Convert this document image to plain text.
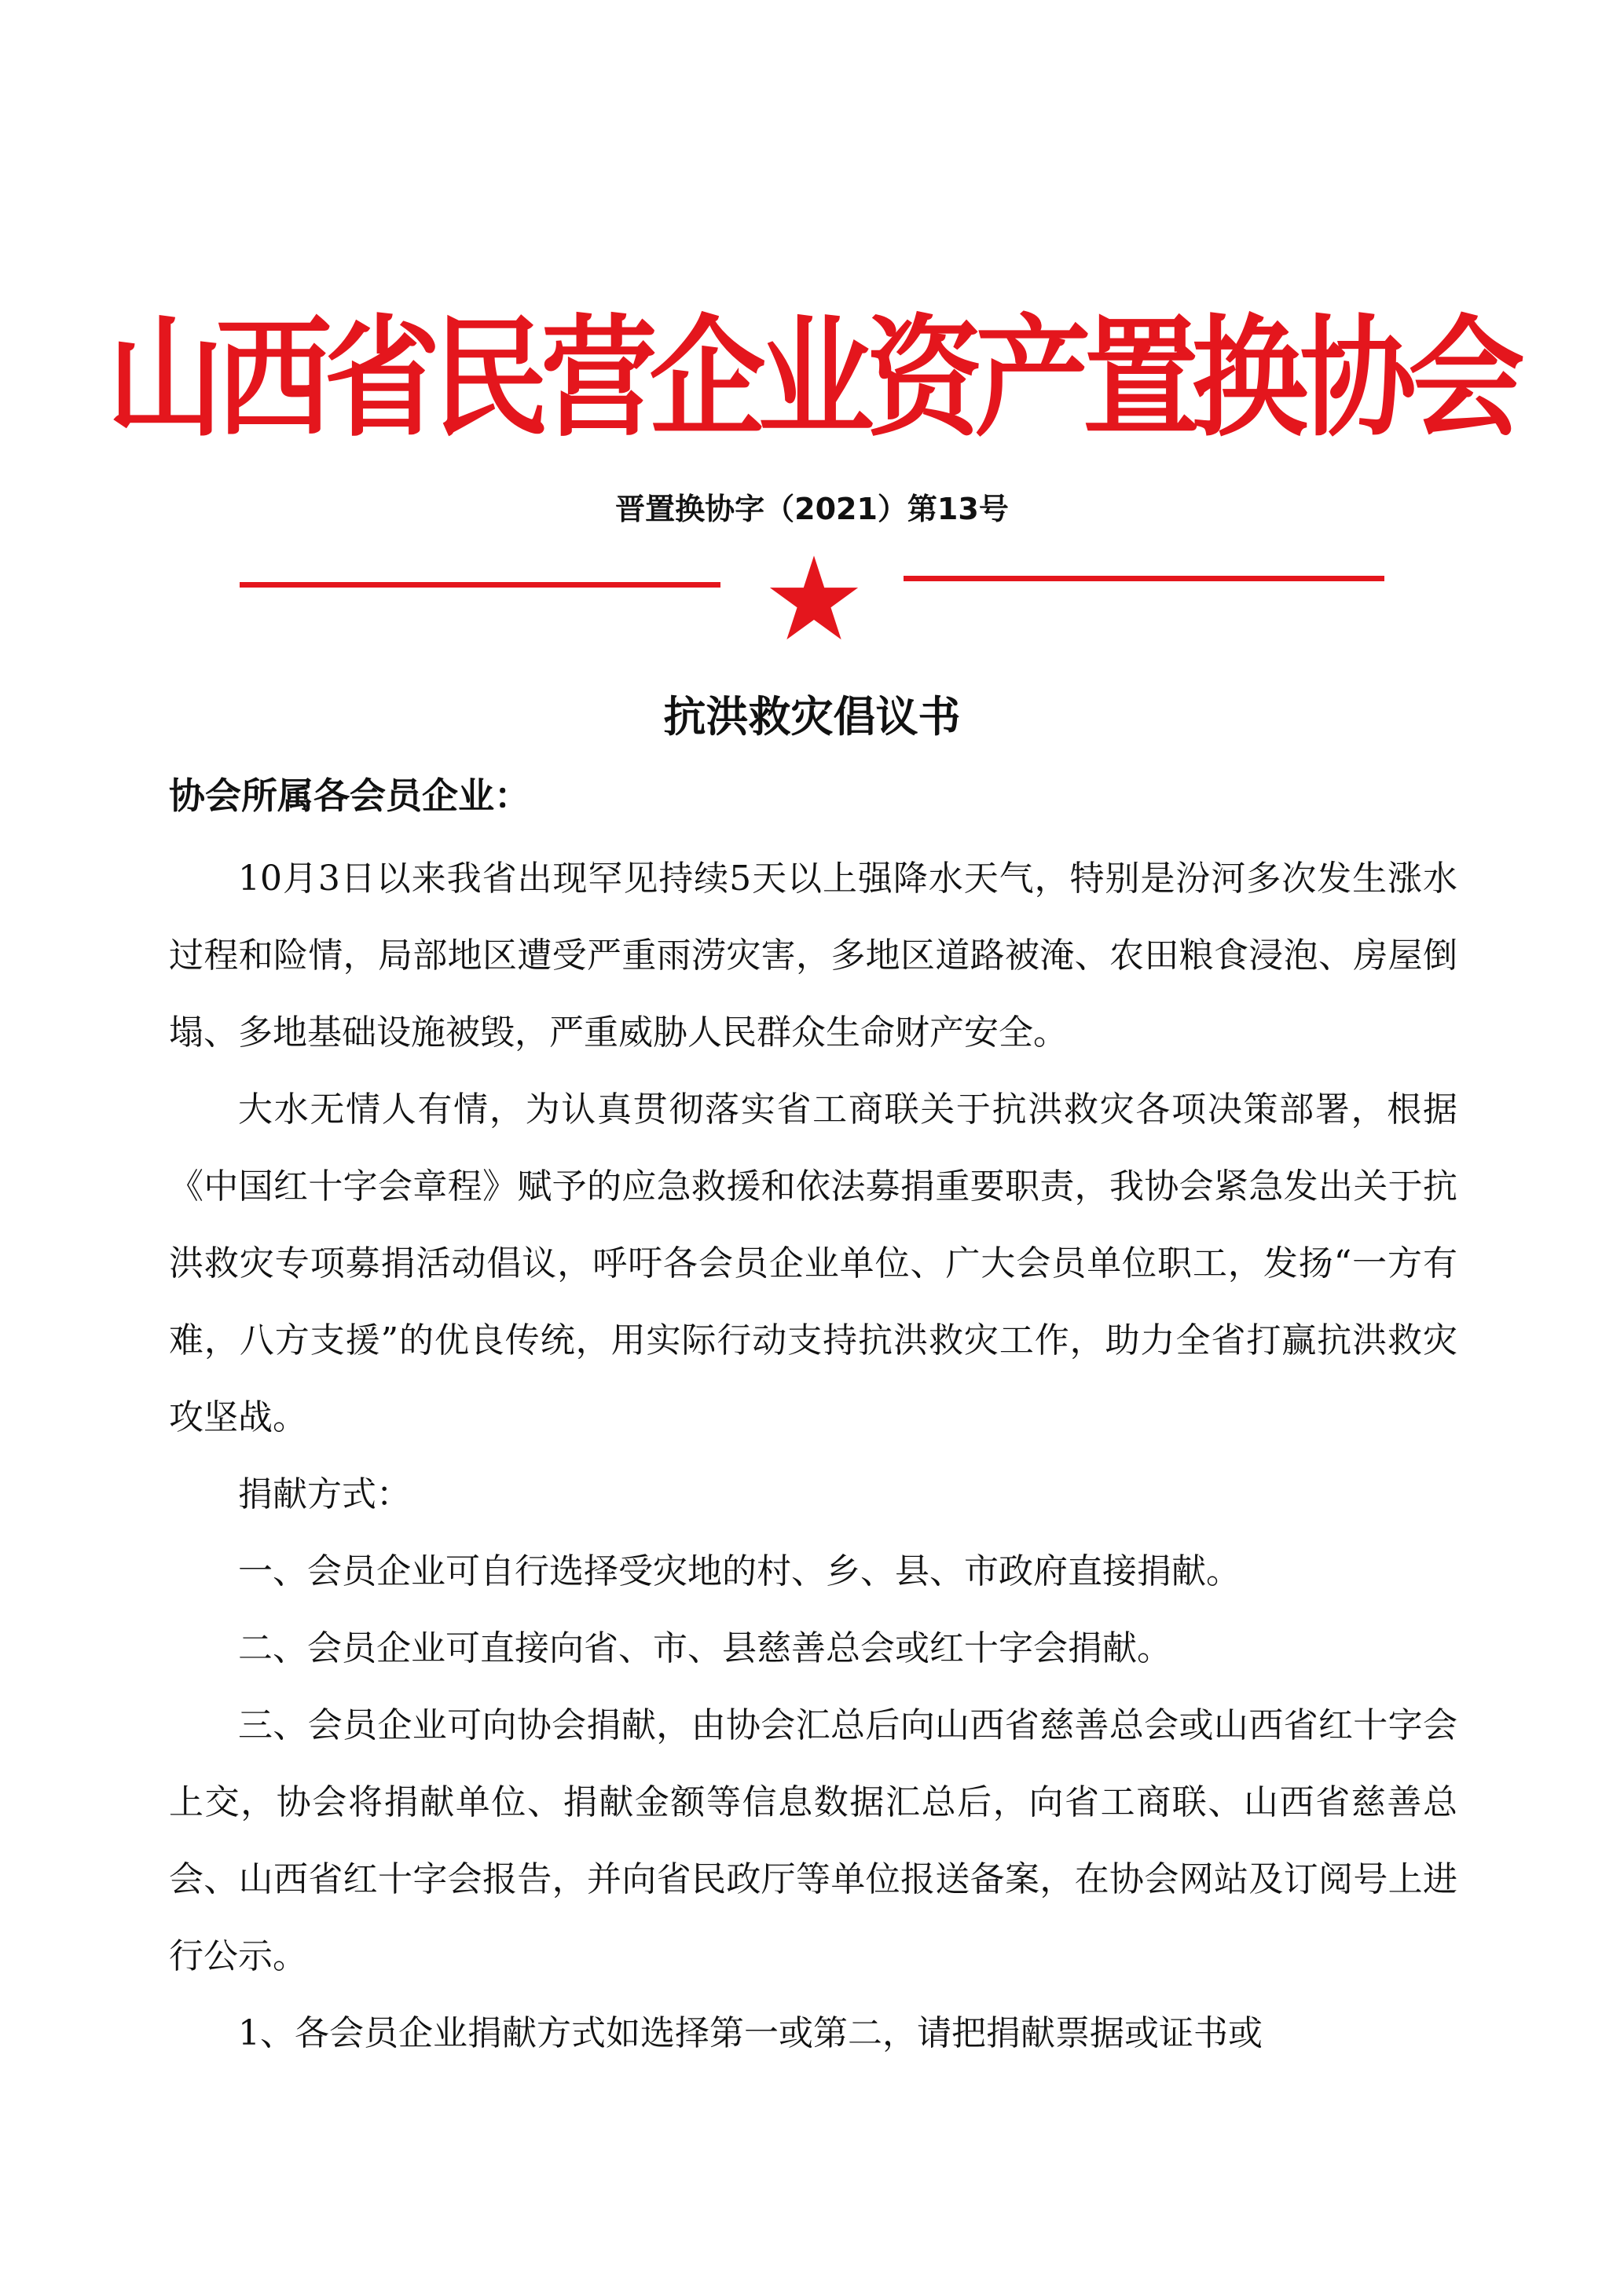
山西省民营企业资产置换协会
晋置换协字（2021）第13号
抗洪救灾倡议书
协会所属各会员企业：

10月3日以来我省出现罕见持续5天以上强降水天气，特别是汾河多次发生涨水过程和险情，局部地区遭受严重雨涝灾害，多地区道路被淹、农田粮食浸泡、房屋倒塌、多地基础设施被毁，严重威胁人民群众生命财产安全。

大水无情人有情，为认真贯彻落实省工商联关于抗洪救灾各项决策部署，根据《中国红十字会章程》赋予的应急救援和依法募捐重要职责，我协会紧急发出关于抗洪救灾专项募捐活动倡议，呼吁各会员企业单位、广大会员单位职工，发扬“一方有难，八方支援”的优良传统，用实际行动支持抗洪救灾工作，助力全省打赢抗洪救灾攻坚战。

捐献方式：

一、会员企业可自行选择受灾地的村、乡、县、市政府直接捐献。

二、会员企业可直接向省、市、县慈善总会或红十字会捐献。

三、会员企业可向协会捐献，由协会汇总后向山西省慈善总会或山西省红十字会上交，协会将捐献单位、捐献金额等信息数据汇总后，向省工商联、山西省慈善总会、山西省红十字会报告，并向省民政厅等单位报送备案，在协会网站及订阅号上进行公示。

1、各会员企业捐献方式如选择第一或第二，请把捐献票据或证书或
